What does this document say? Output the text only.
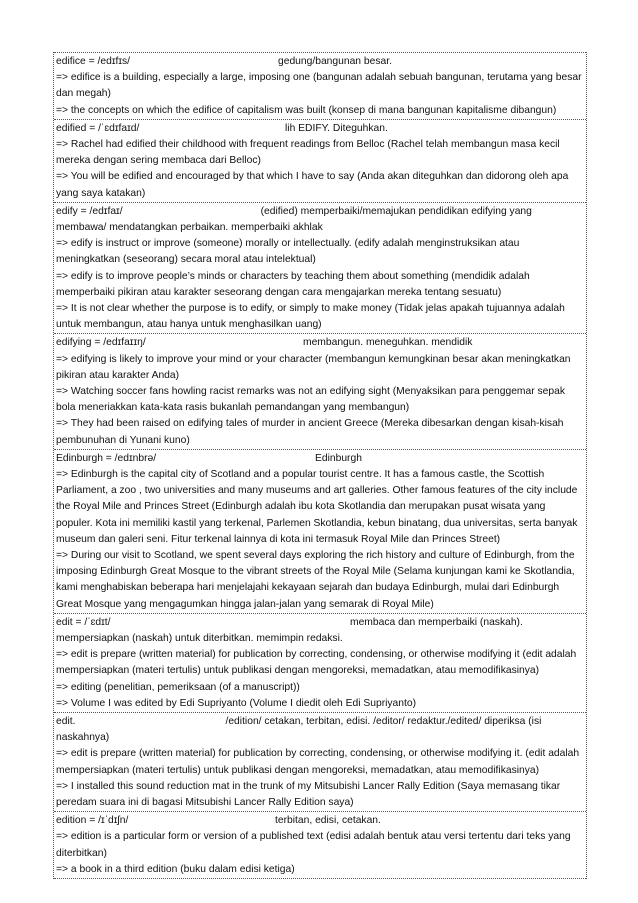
edifice = /edɪfɪs/	gedung/bangunan besar.
=> edifice is a building, especially a large, imposing one (bangunan adalah sebuah bangunan, terutama yang besar dan megah)
=> the concepts on which the edifice of capitalism was built (konsep di mana bangunan kapitalisme dibangun)
edified = /ˈɛdɪfaɪd/	lih EDIFY. Diteguhkan.
=> Rachel had edified their childhood with frequent readings from Belloc (Rachel telah membangun masa kecil mereka dengan sering membaca dari Belloc)
=> You will be edified and encouraged by that which I have to say (Anda akan diteguhkan dan didorong oleh apa yang saya katakan)
edify = /edɪfaɪ/	(edified) memperbaiki/memajukan pendidikan edifying yang membawa/ mendatangkan perbaikan. memperbaiki akhlak
=> edify is instruct or improve (someone) morally or intellectually. (edify adalah menginstruksikan atau meningkatkan (seseorang) secara moral atau intelektual)
=> edify is to improve people’s minds or characters by teaching them about something (mendidik adalah memperbaiki pikiran atau karakter seseorang dengan cara mengajarkan mereka tentang sesuatu)
=> It is not clear whether the purpose is to edify, or simply to make money (Tidak jelas apakah tujuannya adalah untuk membangun, atau hanya untuk menghasilkan uang)
edifying = /edɪfaɪɪŋ/	membangun. meneguhkan. mendidik
=> edifying is likely to improve your mind or your character (membangun kemungkinan besar akan meningkatkan pikiran atau karakter Anda)
=> Watching soccer fans howling racist remarks was not an edifying sight (Menyaksikan para penggemar sepak bola meneriakkan kata-kata rasis bukanlah pemandangan yang membangun)
=> They had been raised on edifying tales of murder in ancient Greece (Mereka dibesarkan dengan kisah-kisah pembunuhan di Yunani kuno)
Edinburgh = /edɪnbrə/	Edinburgh
=> Edinburgh is the capital city of Scotland and a popular tourist centre. It has a famous castle, the Scottish Parliament, a zoo , two universities and many museums and art galleries. Other famous features of the city include the Royal Mile and Princes Street (Edinburgh adalah ibu kota Skotlandia dan merupakan pusat wisata yang populer. Kota ini memiliki kastil yang terkenal, Parlemen Skotlandia, kebun binatang, dua universitas, serta banyak museum dan galeri seni. Fitur terkenal lainnya di kota ini termasuk Royal Mile dan Princes Street)
=> During our visit to Scotland, we spent several days exploring the rich history and culture of Edinburgh, from the imposing Edinburgh Great Mosque to the vibrant streets of the Royal Mile (Selama kunjungan kami ke Skotlandia, kami menghabiskan beberapa hari menjelajahi kekayaan sejarah dan budaya Edinburgh, mulai dari Edinburgh Great Mosque yang mengagumkan hingga jalan-jalan yang semarak di Royal Mile)
edit = /ˈɛdɪt/	membaca dan memperbaiki (naskah).
mempersiapkan (naskah) untuk diterbitkan. memimpin redaksi.
=> edit is prepare (written material) for publication by correcting, condensing, or otherwise modifying it (edit adalah mempersiapkan (materi tertulis) untuk publikasi dengan mengoreksi, memadatkan, atau memodifikasinya)
=> editing (penelitian, pemeriksaan (of a manuscript))
=> Volume I was edited by Edi Supriyanto (Volume I diedit oleh Edi Supriyanto)
edit.	/edition/ cetakan, terbitan, edisi. /editor/ redaktur./edited/ diperiksa (isi naskahnya)
=> edit is prepare (written material) for publication by correcting, condensing, or otherwise modifying it. (edit adalah mempersiapkan (materi tertulis) untuk publikasi dengan mengoreksi, memadatkan, atau memodifikasinya)
=> I installed this sound reduction mat in the trunk of my Mitsubishi Lancer Rally Edition (Saya memasang tikar peredam suara ini di bagasi Mitsubishi Lancer Rally Edition saya)
edition = /ɪˈdɪʃn/	terbitan, edisi, cetakan.
=> edition is a particular form or version of a published text (edisi adalah bentuk atau versi tertentu dari teks yang diterbitkan)
=> a book in a third edition (buku dalam edisi ketiga)
